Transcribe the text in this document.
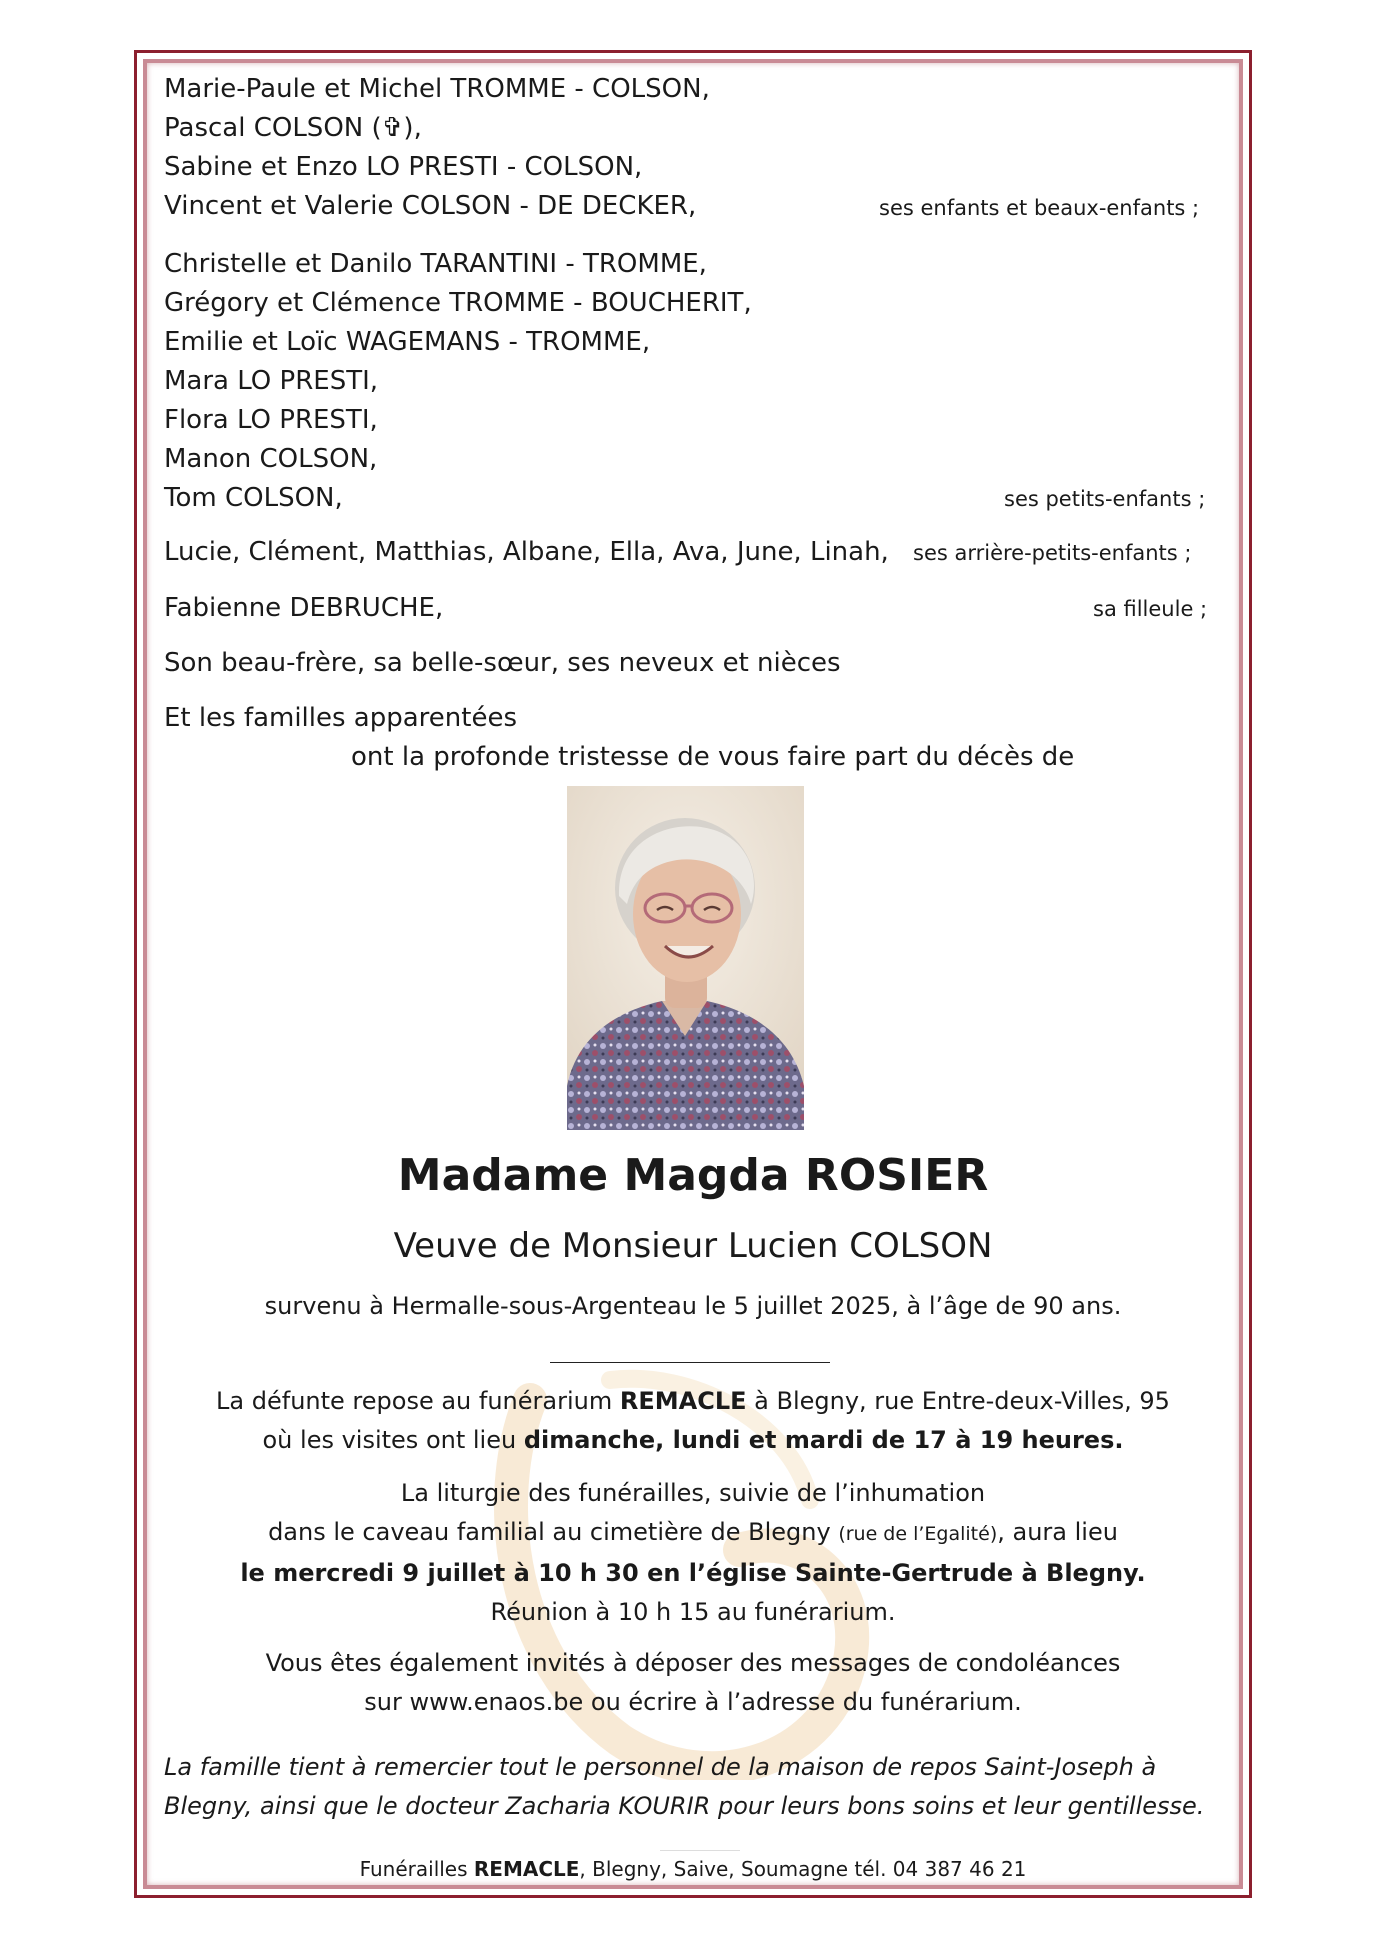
Marie-Paule et Michel TROMME - COLSON,
Pascal COLSON (✞),
Sabine et Enzo LO PRESTI - COLSON,
Vincent et Valerie COLSON - DE DECKER,	ses enfants et beaux-enfants ;
Christelle et Danilo TARANTINI - TROMME,
Grégory et Clémence TROMME - BOUCHERIT,
Emilie et Loïc WAGEMANS - TROMME,
Mara LO PRESTI,
Flora LO PRESTI,
Manon COLSON,
Tom COLSON,	ses petits-enfants ;
Lucie, Clément, Matthias, Albane, Ella, Ava, June, Linah, ses arrière-petits-enfants ;
Fabienne DEBRUCHE,	sa filleule ;
Son beau-frère, sa belle-sœur, ses neveux et nièces
Et les familles apparentées
ont la profonde tristesse de vous faire part du décès de
Madame Magda ROSIER
Veuve de Monsieur Lucien COLSON
survenu à Hermalle-sous-Argenteau le 5 juillet 2025, à l’âge de 90 ans.
La défunte repose au funérarium REMACLE à Blegny, rue Entre-deux-Villes, 95
où les visites ont lieu dimanche, lundi et mardi de 17 à 19 heures.
La liturgie des funérailles, suivie de l’inhumation
dans le caveau familial au cimetière de Blegny (rue de l’Egalité), aura lieu
le mercredi 9 juillet à 10 h 30 en l’église Sainte-Gertrude à Blegny.
Réunion à 10 h 15 au funérarium.
Vous êtes également invités à déposer des messages de condoléances
sur www.enaos.be ou écrire à l’adresse du funérarium.
La famille tient à remercier tout le personnel de la maison de repos Saint-Joseph à
Blegny, ainsi que le docteur Zacharia KOURIR pour leurs bons soins et leur gentillesse.
Funérailles REMACLE, Blegny, Saive, Soumagne tél. 04 387 46 21
